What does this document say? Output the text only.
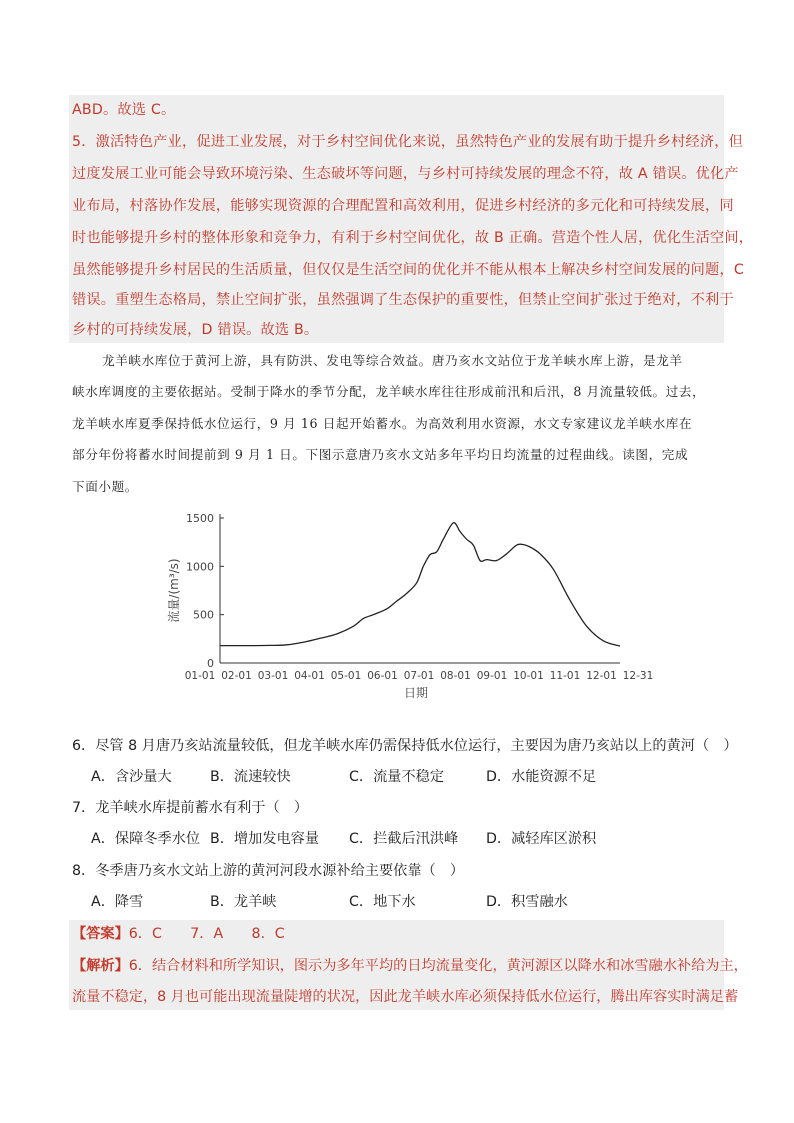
ABD。故选 C。
5．激活特色产业，促进工业发展，对于乡村空间优化来说，虽然特色产业的发展有助于提升乡村经济，但
过度发展工业可能会导致环境污染、生态破坏等问题，与乡村可持续发展的理念不符，故 A 错误。优化产
业布局，村落协作发展，能够实现资源的合理配置和高效利用，促进乡村经济的多元化和可持续发展，同
时也能够提升乡村的整体形象和竞争力，有利于乡村空间优化，故 B 正确。营造个性人居，优化生活空间，
虽然能够提升乡村居民的生活质量，但仅仅是生活空间的优化并不能从根本上解决乡村空间发展的问题，C
错误。重塑生态格局，禁止空间扩张，虽然强调了生态保护的重要性，但禁止空间扩张过于绝对，不利于
乡村的可持续发展，D 错误。故选 B。
龙羊峡水库位于黄河上游，具有防洪、发电等综合效益。唐乃亥水文站位于龙羊峡水库上游，是龙羊
峡水库调度的主要依据站。受制于降水的季节分配，龙羊峡水库往往形成前汛和后汛，8 月流量较低。过去，
龙羊峡水库夏季保持低水位运行，9 月 16 日起开始蓄水。为高效利用水资源，水文专家建议龙羊峡水库在
部分年份将蓄水时间提前到 9 月 1 日。下图示意唐乃亥水文站多年平均日均流量的过程曲线。读图，完成
下面小题。
0
500
1000
1500
01-01 02-01 03-01 04-01 05-01 06-01 07-01 08-01 09-01 10-01 11-01 12-01 12-31
日期
流量/(m³/s)
6．尽管 8 月唐乃亥站流量较低，但龙羊峡水库仍需保持低水位运行，主要因为唐乃亥站以上的黄河（　）
A．含沙量大	B．流速较快	C．流量不稳定	D．水能资源不足
7．龙羊峡水库提前蓄水有利于（　）
A．保障冬季水位 B．增加发电容量 C．拦截后汛洪峰 D．减轻库区淤积
8．冬季唐乃亥水文站上游的黄河河段水源补给主要依靠（　）
A．降雪	B．龙羊峡	C．地下水	D．积雪融水
【答案】6．C　　7．A　　8．C
【解析】6．结合材料和所学知识，图示为多年平均的日均流量变化，黄河源区以降水和冰雪融水补给为主，
流量不稳定，8 月也可能出现流量陡增的状况，因此龙羊峡水库必须保持低水位运行，腾出库容实时满足蓄
